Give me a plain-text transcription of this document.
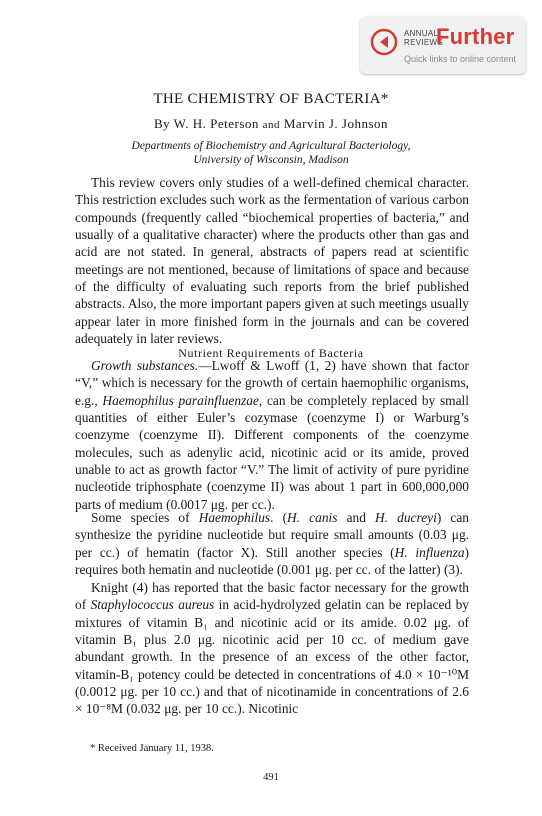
ANNUAL REVIEWS
Further
Quick links to online content
THE CHEMISTRY OF BACTERIA*
By W. H. Peterson and Marvin J. Johnson
Departments of Biochemistry and Agricultural Bacteriology,
University of Wisconsin, Madison

This review covers only studies of a well-defined chemical character. This restriction excludes such work as the fermentation of various carbon compounds (frequently called “biochemical properties of bacteria,” and usually of a qualitative character) where the products other than gas and acid are not stated. In general, abstracts of papers read at scientific meetings are not mentioned, because of limitations of space and because of the difficulty of evaluating such reports from the brief published abstracts. Also, the more important papers given at such meetings usually appear later in more finished form in the journals and can be covered adequately in later reviews.

Nutrient Requirements of Bacteria

Growth substances.—Lwoff & Lwoff (1, 2) have shown that factor “V,” which is necessary for the growth of certain haemophilic organisms, e.g., Haemophilus parainfluenzae, can be completely replaced by small quantities of either Euler’s cozymase (coenzyme I) or Warburg’s coenzyme (coenzyme II). Different components of the coenzyme molecules, such as adenylic acid, nicotinic acid or its amide, proved unable to act as growth factor “V.” The limit of activity of pure pyridine nucleotide triphosphate (coenzyme II) was about 1 part in 600,000,000 parts of medium (0.0017 μg. per cc.).

Some species of Haemophilus. (H. canis and H. ducreyi) can synthesize the pyridine nucleotide but require small amounts (0.03 μg. per cc.) of hematin (factor X). Still another species (H. influenza) requires both hematin and nucleotide (0.001 μg. per cc. of the latter) (3).

Knight (4) has reported that the basic factor necessary for the growth of Staphylococcus aureus in acid-hydrolyzed gelatin can be replaced by mixtures of vitamin B₁ and nicotinic acid or its amide. 0.02 μg. of vitamin B₁ plus 2.0 μg. nicotinic acid per 10 cc. of medium gave abundant growth. In the presence of an excess of the other factor, vitamin-B₁ potency could be detected in concentrations of 4.0 × 10⁻¹⁰M (0.0012 μg. per 10 cc.) and that of nicotinamide in concentrations of 2.6 × 10⁻⁸M (0.032 μg. per 10 cc.). Nicotinic

* Received January 11, 1938.
491
